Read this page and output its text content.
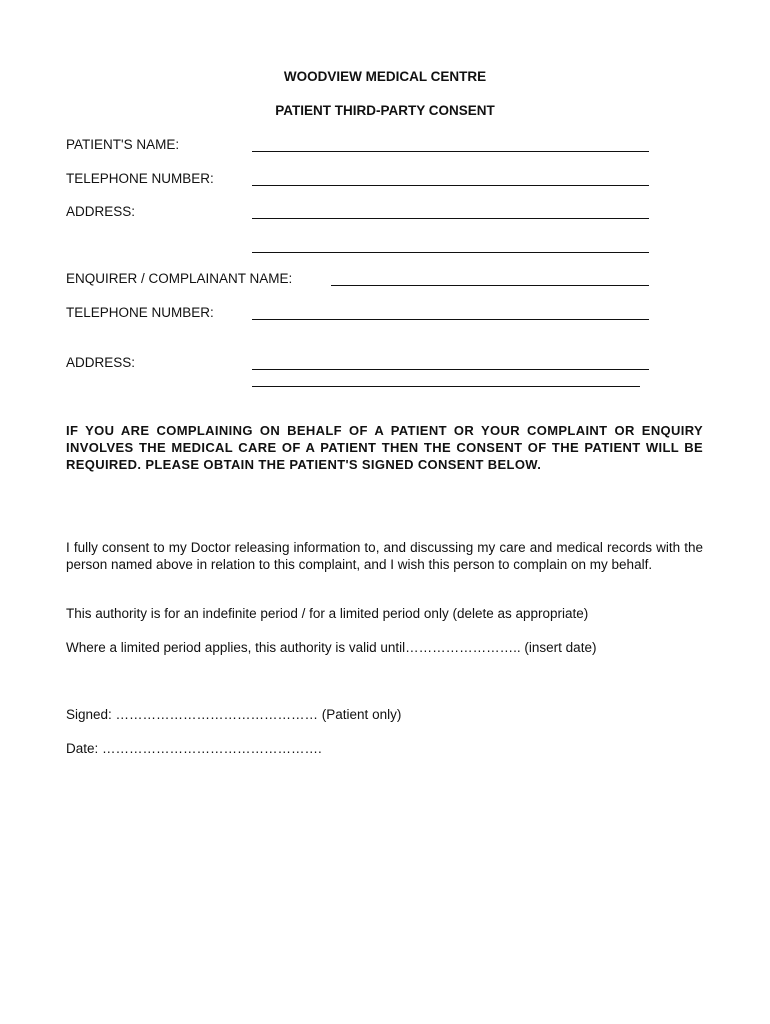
WOODVIEW MEDICAL CENTRE
PATIENT THIRD-PARTY CONSENT
PATIENT'S NAME:
TELEPHONE NUMBER:
ADDRESS:
ENQUIRER / COMPLAINANT NAME:
TELEPHONE NUMBER:
ADDRESS:
IF YOU ARE COMPLAINING ON BEHALF OF A PATIENT OR YOUR COMPLAINT OR ENQUIRY INVOLVES THE MEDICAL CARE OF A PATIENT THEN THE CONSENT OF THE PATIENT WILL BE REQUIRED. PLEASE OBTAIN THE PATIENT'S SIGNED CONSENT BELOW.
I fully consent to my Doctor releasing information to, and discussing my care and medical records with the person named above in relation to this complaint, and I wish this person to complain on my behalf.
This authority is for an indefinite period / for a limited period only (delete as appropriate)
Where a limited period applies, this authority is valid until…………………….. (insert date)
Signed: ……………………………………… (Patient only)
Date: ………………………………………….
